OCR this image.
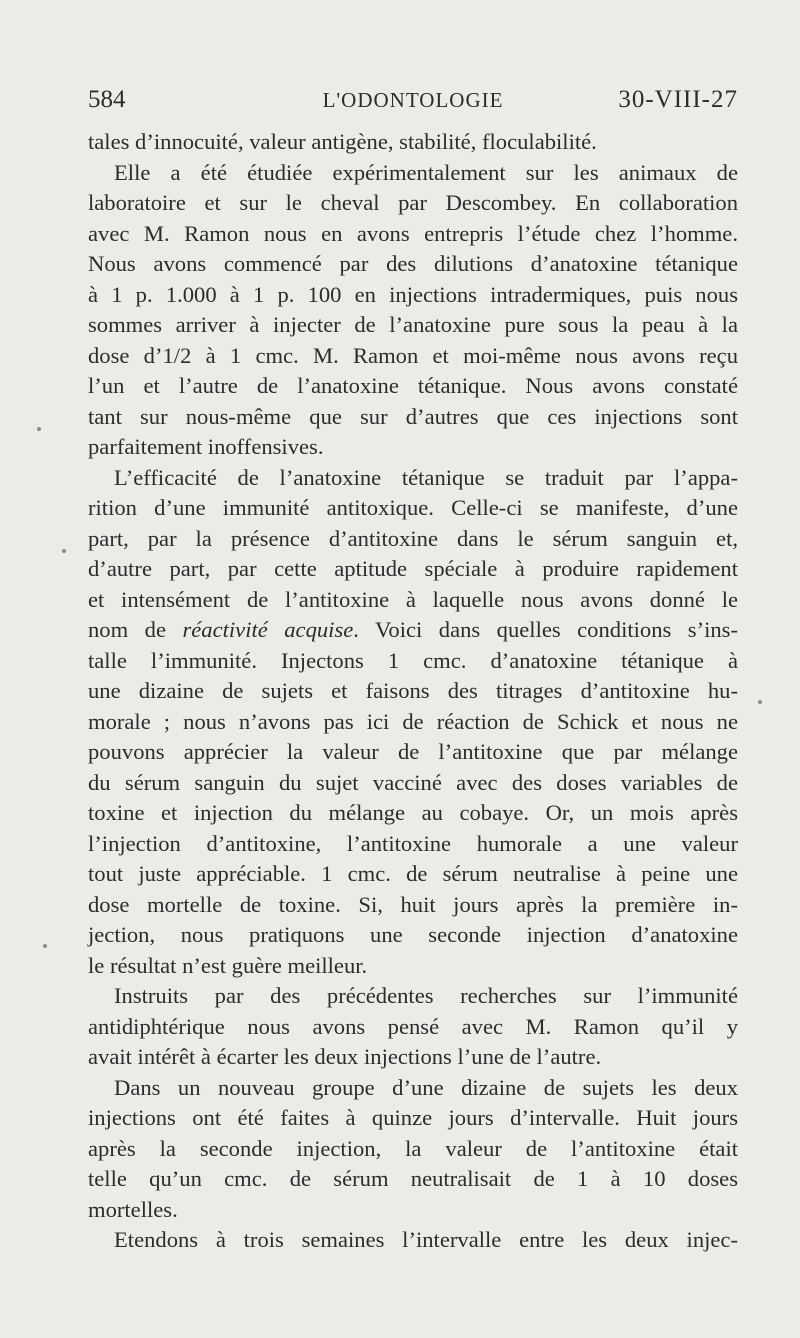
584	L'ODONTOLOGIE	30-VIII-27
tales d’innocuité, valeur antigène, stabilité, floculabilité.
Elle a été étudiée expérimentalement sur les animaux de
laboratoire et sur le cheval par Descombey. En collaboration
avec M. Ramon nous en avons entrepris l’étude chez l’homme.
Nous avons commencé par des dilutions d’anatoxine tétanique
à 1 p. 1.000 à 1 p. 100 en injections intradermiques, puis nous
sommes arriver à injecter de l’anatoxine pure sous la peau à la
dose d’1/2 à 1 cmc. M. Ramon et moi-même nous avons reçu
l’un et l’autre de l’anatoxine tétanique. Nous avons constaté
tant sur nous-même que sur d’autres que ces injections sont
parfaitement inoffensives.
L’efficacité de l’anatoxine tétanique se traduit par l’appa-
rition d’une immunité antitoxique. Celle-ci se manifeste, d’une
part, par la présence d’antitoxine dans le sérum sanguin et,
d’autre part, par cette aptitude spéciale à produire rapidement
et intensément de l’antitoxine à laquelle nous avons donné le
nom de réactivité acquise. Voici dans quelles conditions s’ins-
talle l’immunité. Injectons 1 cmc. d’anatoxine tétanique à
une dizaine de sujets et faisons des titrages d’antitoxine hu-
morale ; nous n’avons pas ici de réaction de Schick et nous ne
pouvons apprécier la valeur de l’antitoxine que par mélange
du sérum sanguin du sujet vacciné avec des doses variables de
toxine et injection du mélange au cobaye. Or, un mois après
l’injection d’antitoxine, l’antitoxine humorale a une valeur
tout juste appréciable. 1 cmc. de sérum neutralise à peine une
dose mortelle de toxine. Si, huit jours après la première in-
jection, nous pratiquons une seconde injection d’anatoxine
le résultat n’est guère meilleur.
Instruits par des précédentes recherches sur l’immunité
antidiphtérique nous avons pensé avec M. Ramon qu’il y
avait intérêt à écarter les deux injections l’une de l’autre.
Dans un nouveau groupe d’une dizaine de sujets les deux
injections ont été faites à quinze jours d’intervalle. Huit jours
après la seconde injection, la valeur de l’antitoxine était
telle qu’un cmc. de sérum neutralisait de 1 à 10 doses
mortelles.
Etendons à trois semaines l’intervalle entre les deux injec-
